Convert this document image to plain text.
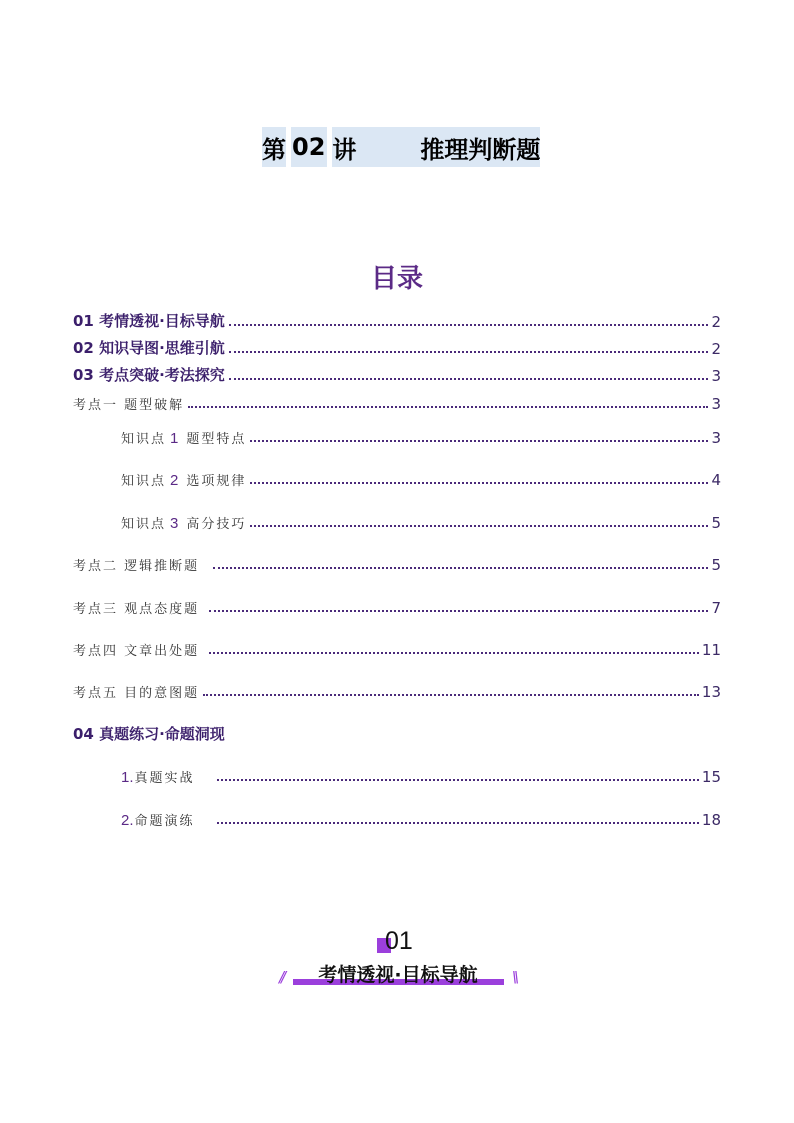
第 02 讲	推理判断题
目录
01 考情透视·目标导航	2
02 知识导图·思维引航	2
03 考点突破·考法探究	3
考点一 题型破解	3
知识点 1 题型特点	3
知识点 2 选项规律	4
知识点 3 高分技巧	5
考点二 逻辑推断题	5
考点三 观点态度题	7
考点四 文章出处题	11
考点五 目的意图题	13
04 真题练习·命题洞现
1.真题实战	15
2.命题演练	18
01
//	考情透视·目标导航	\\
